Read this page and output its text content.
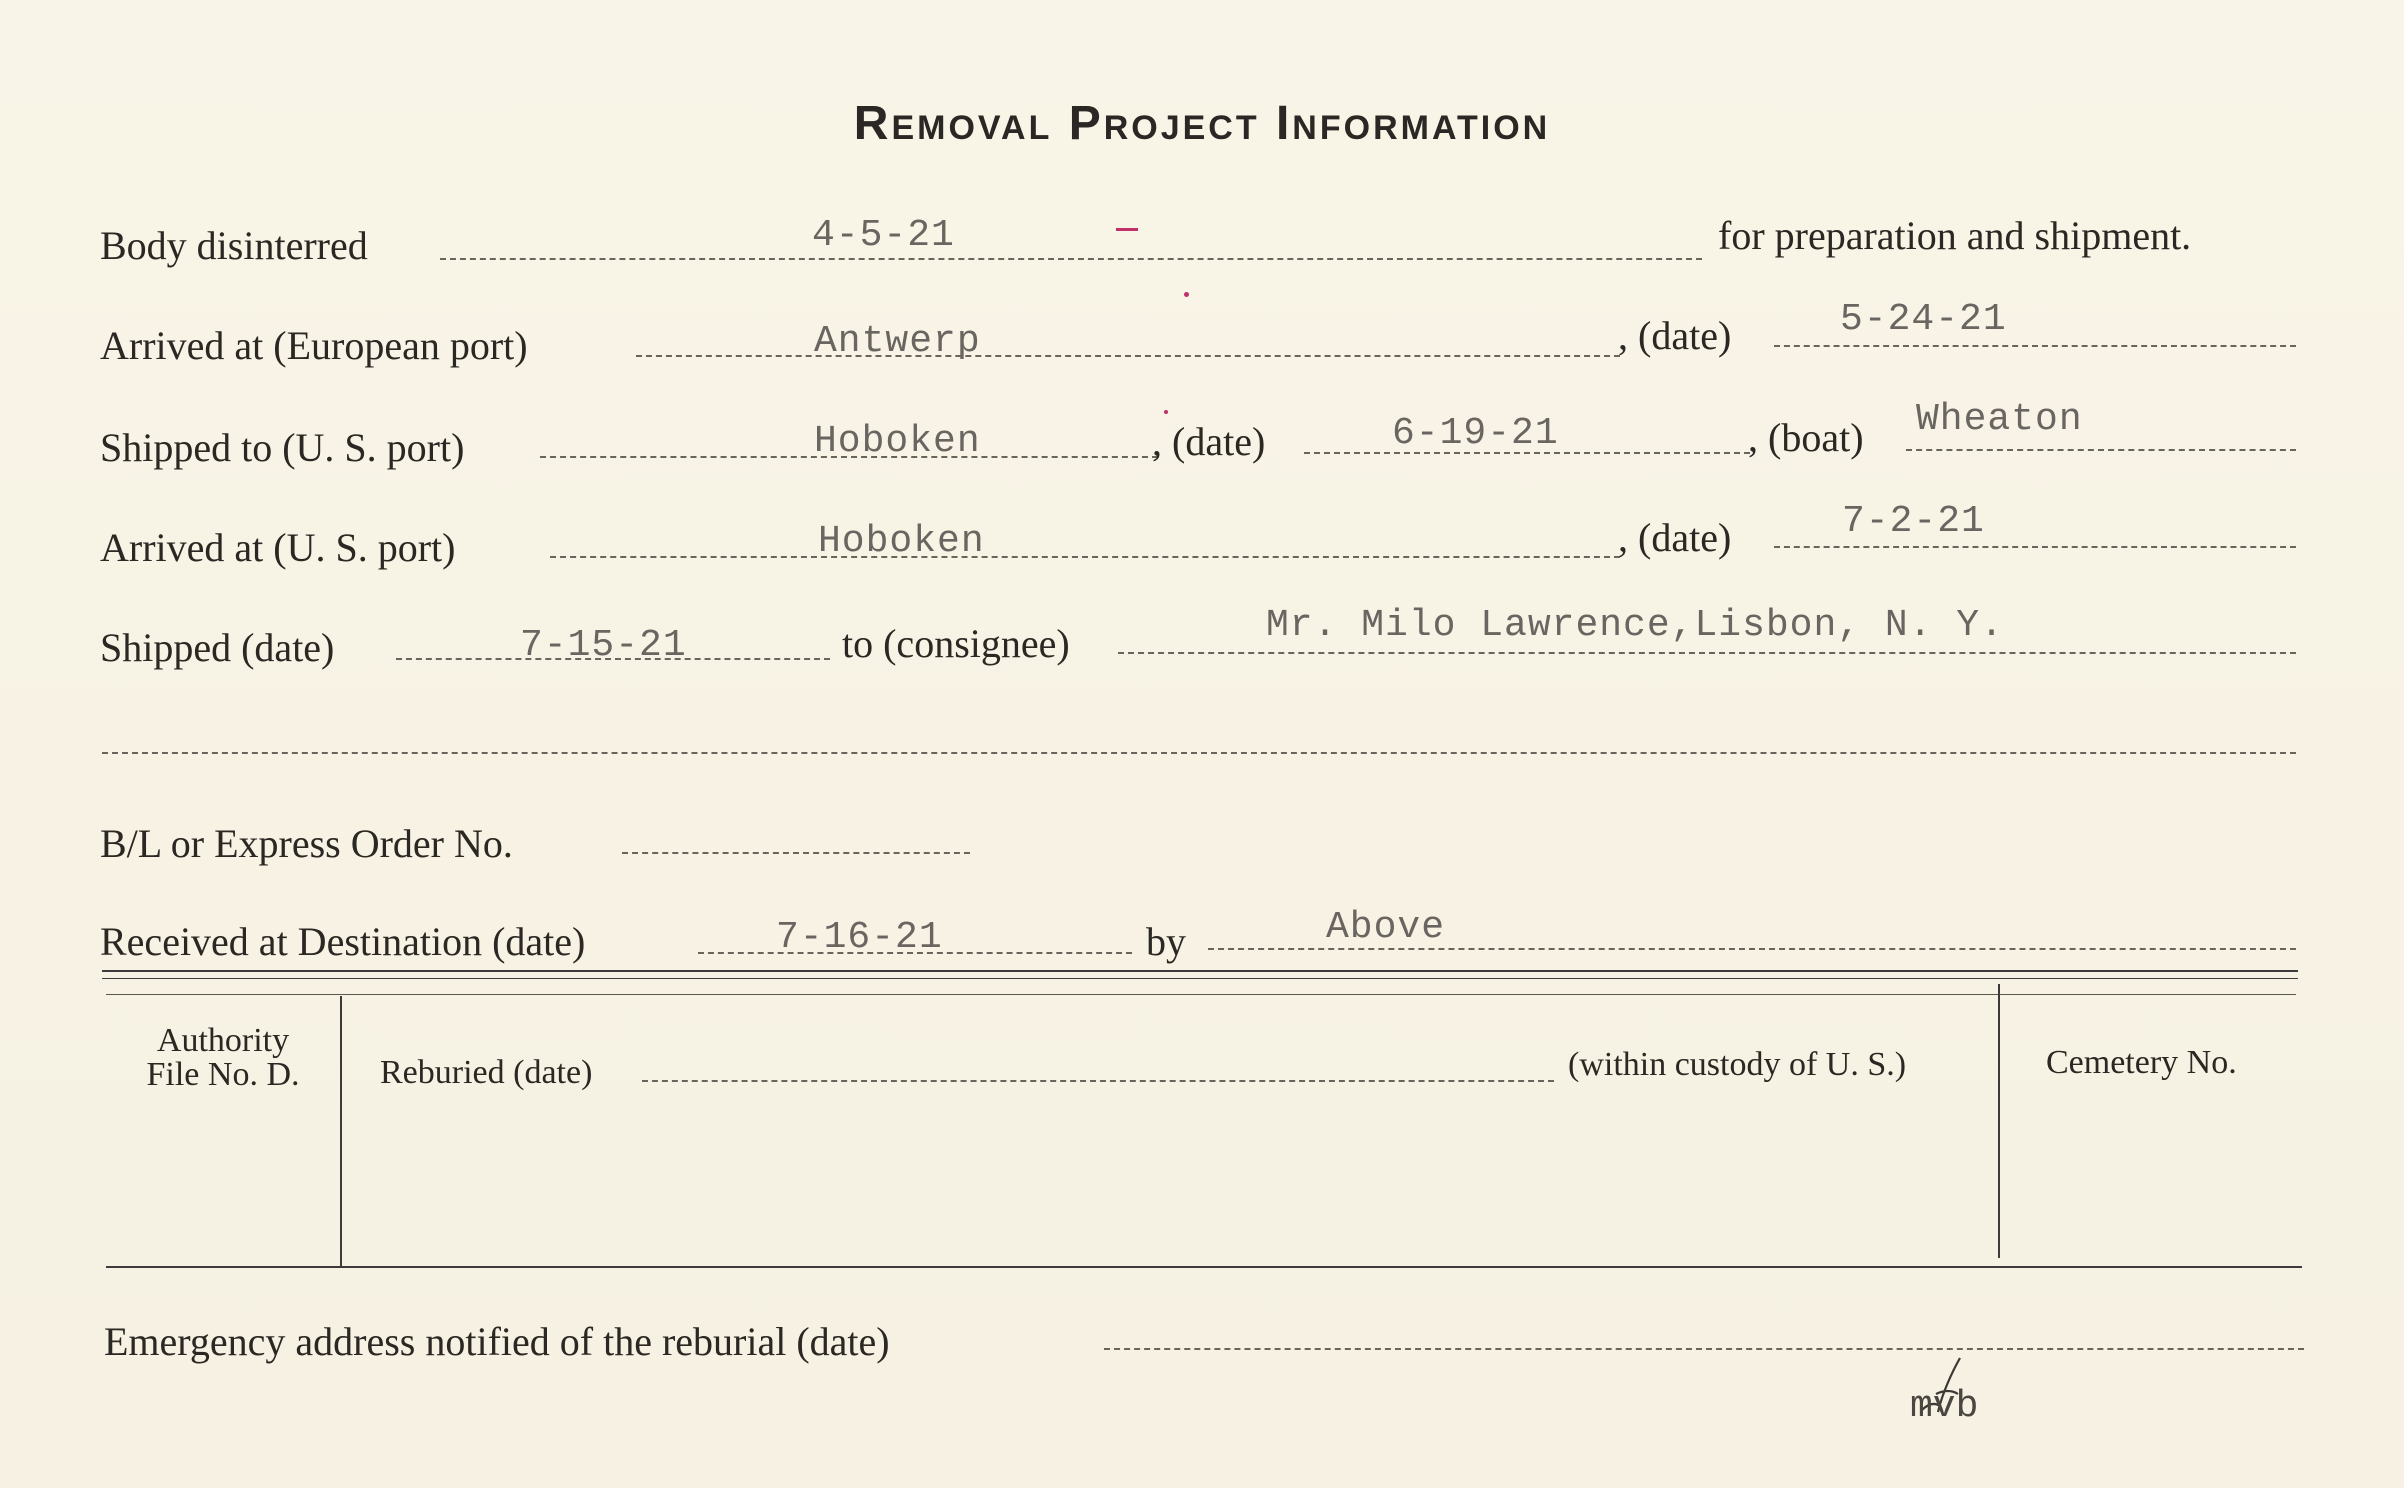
Removal Project Information
Body disinterred	4-5-21	for preparation and shipment.
Arrived at (European port)	Antwerp	, (date)	5-24-21
Shipped to (U. S. port)	Hoboken	, (date)	6-19-21	, (boat) Wheaton
Arrived at (U. S. port)	Hoboken	, (date)	7-2-21
Shipped (date)	7-15-21	to (consignee)	Mr. Milo Lawrence,Lisbon, N. Y.
B/L or Express Order No.
Received at Destination (date)	7-16-21	by	Above
Authority
File No. D.	Reburied (date)	(within custody of U. S.)	Cemetery No.
Emergency address notified of the reburial (date)
mvb
